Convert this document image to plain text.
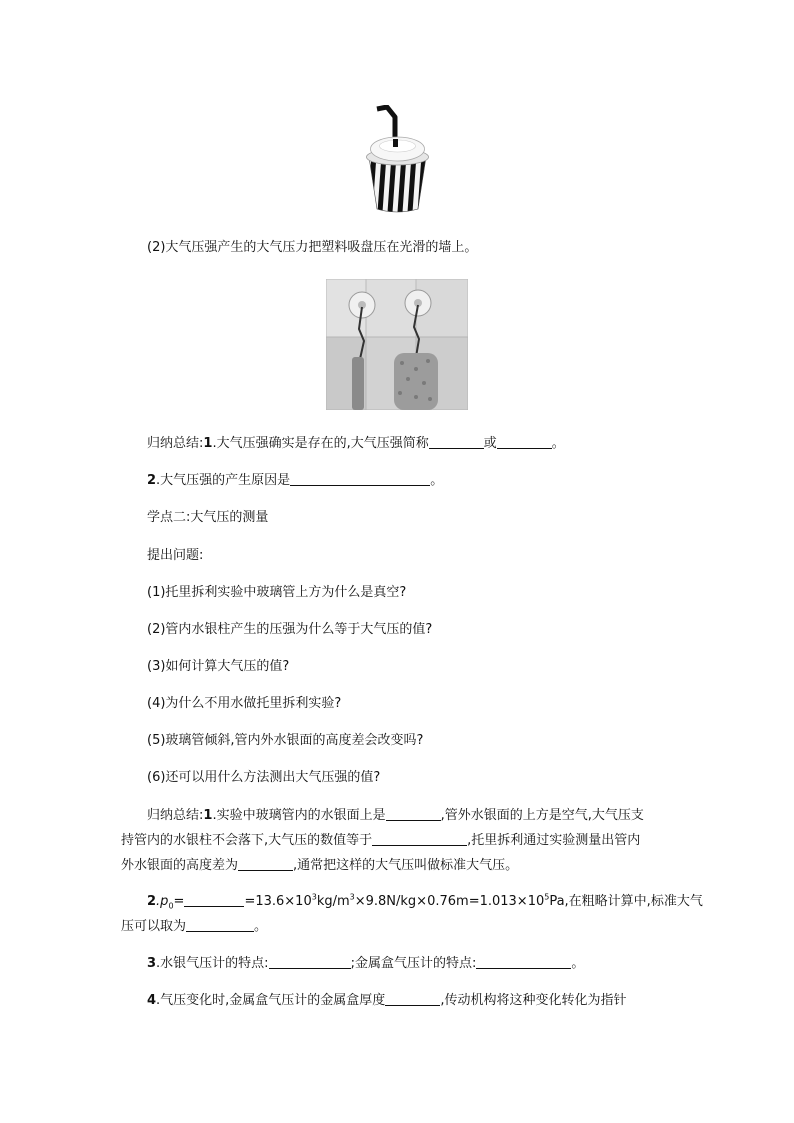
(2)大气压强产生的大气压力把塑料吸盘压在光滑的墙上。
归纳总结:1.大气压强确实是存在的,大气压强简称	或	。
2.大气压强的产生原因是	。
学点二:大气压的测量
提出问题:
(1)托里拆利实验中玻璃管上方为什么是真空?
(2)管内水银柱产生的压强为什么等于大气压的值?
(3)如何计算大气压的值?
(4)为什么不用水做托里拆利实验?
(5)玻璃管倾斜,管内外水银面的高度差会改变吗?
(6)还可以用什么方法测出大气压强的值?
归纳总结:1.实验中玻璃管内的水银面上是	,管外水银面的上方是空气,大气压支
持管内的水银柱不会落下,大气压的数值等于	,托里拆利通过实验测量出管内
外水银面的高度差为	,通常把这样的大气压叫做标准大气压。
$2.p_0=$	$=13.6\times 10^3kg/m^3\times 9.8N/kg\times 0.76m=1.013\times 10^5Pa$,在粗略计算中,标准大气
压可以取为	。
3.水银气压计的特点:	;金属盒气压计的特点:	。
4.气压变化时,金属盒气压计的金属盒厚度	,传动机构将这种变化转化为指针
